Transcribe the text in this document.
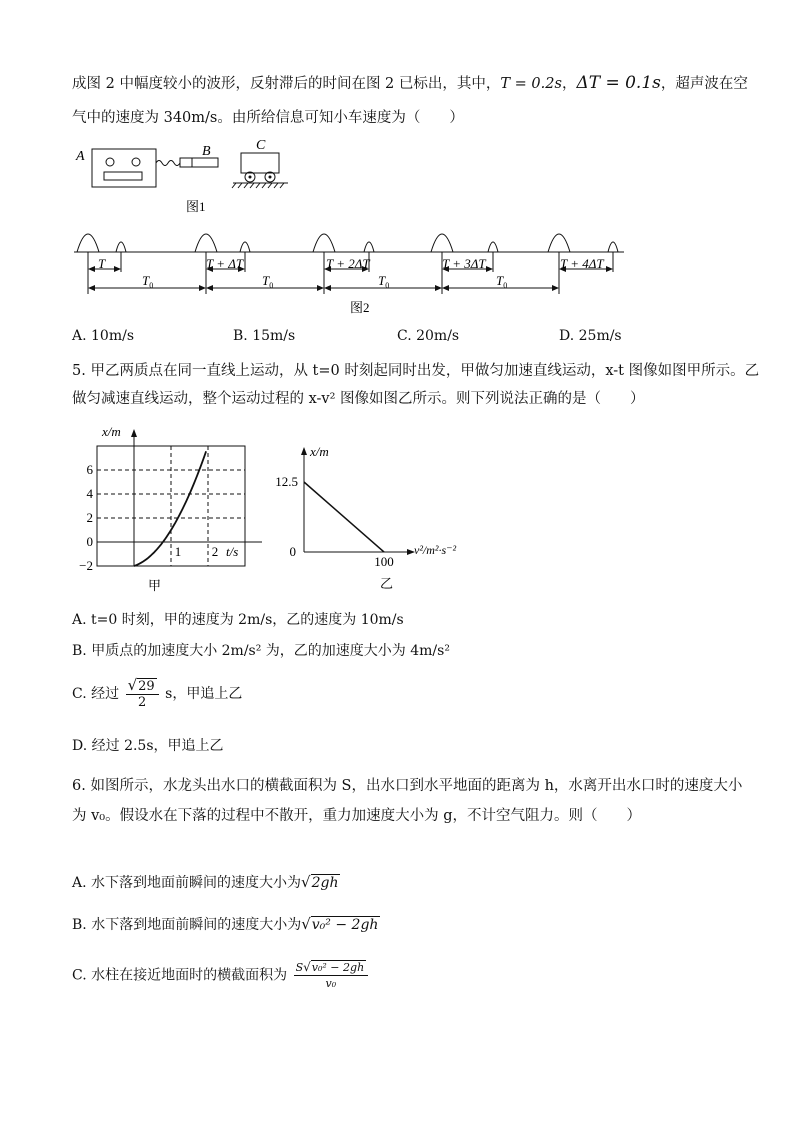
成图 2 中幅度较小的波形，反射滞后的时间在图 2 已标出，其中，T = 0.2s，ΔT = 0.1s，超声波在空
气中的速度为 340m/s。由所给信息可知小车速度为（　　）
A	B	C
图1
T	T + ΔT	T + 2ΔT	T + 3ΔT	T + 4ΔT
$T_0$	$T_0$	$T_0$	$T_0$
图2
A. 10m/s	B. 15m/s	C. 20m/s	D. 25m/s
5. 甲乙两质点在同一直线上运动，从 t=0 时刻起同时出发，甲做匀加速直线运动，x-t 图像如图甲所示。乙
做匀减速直线运动，整个运动过程的 x-v² 图像如图乙所示。则下列说法正确的是（　　）
x/m
t/s
6
4
2
0
−2
1 2
甲
x/m
v²/m²·s⁻²
12.5
0
100
乙
A. t=0 时刻，甲的速度为 2m/s，乙的速度为 10m/s
B. 甲质点的加速度大小 2m/s² 为，乙的加速度大小为 4m/s²
C. 经过 $\frac{√29}{2}$ s，甲追上乙
D. 经过 2.5s，甲追上乙
6. 如图所示，水龙头出水口的横截面积为 S，出水口到水平地面的距离为 h，水离开出水口时的速度大小
为 v₀。假设水在下落的过程中不散开，重力加速度大小为 g，不计空气阻力。则（　　）
A. 水下落到地面前瞬间的速度大小为√2gh
B. 水下落到地面前瞬间的速度大小为√v₀² − 2gh
C. 水柱在接近地面时的横截面积为 $\frac{\text{S√v₀² − 2gh}}{\text{v₀}}$
